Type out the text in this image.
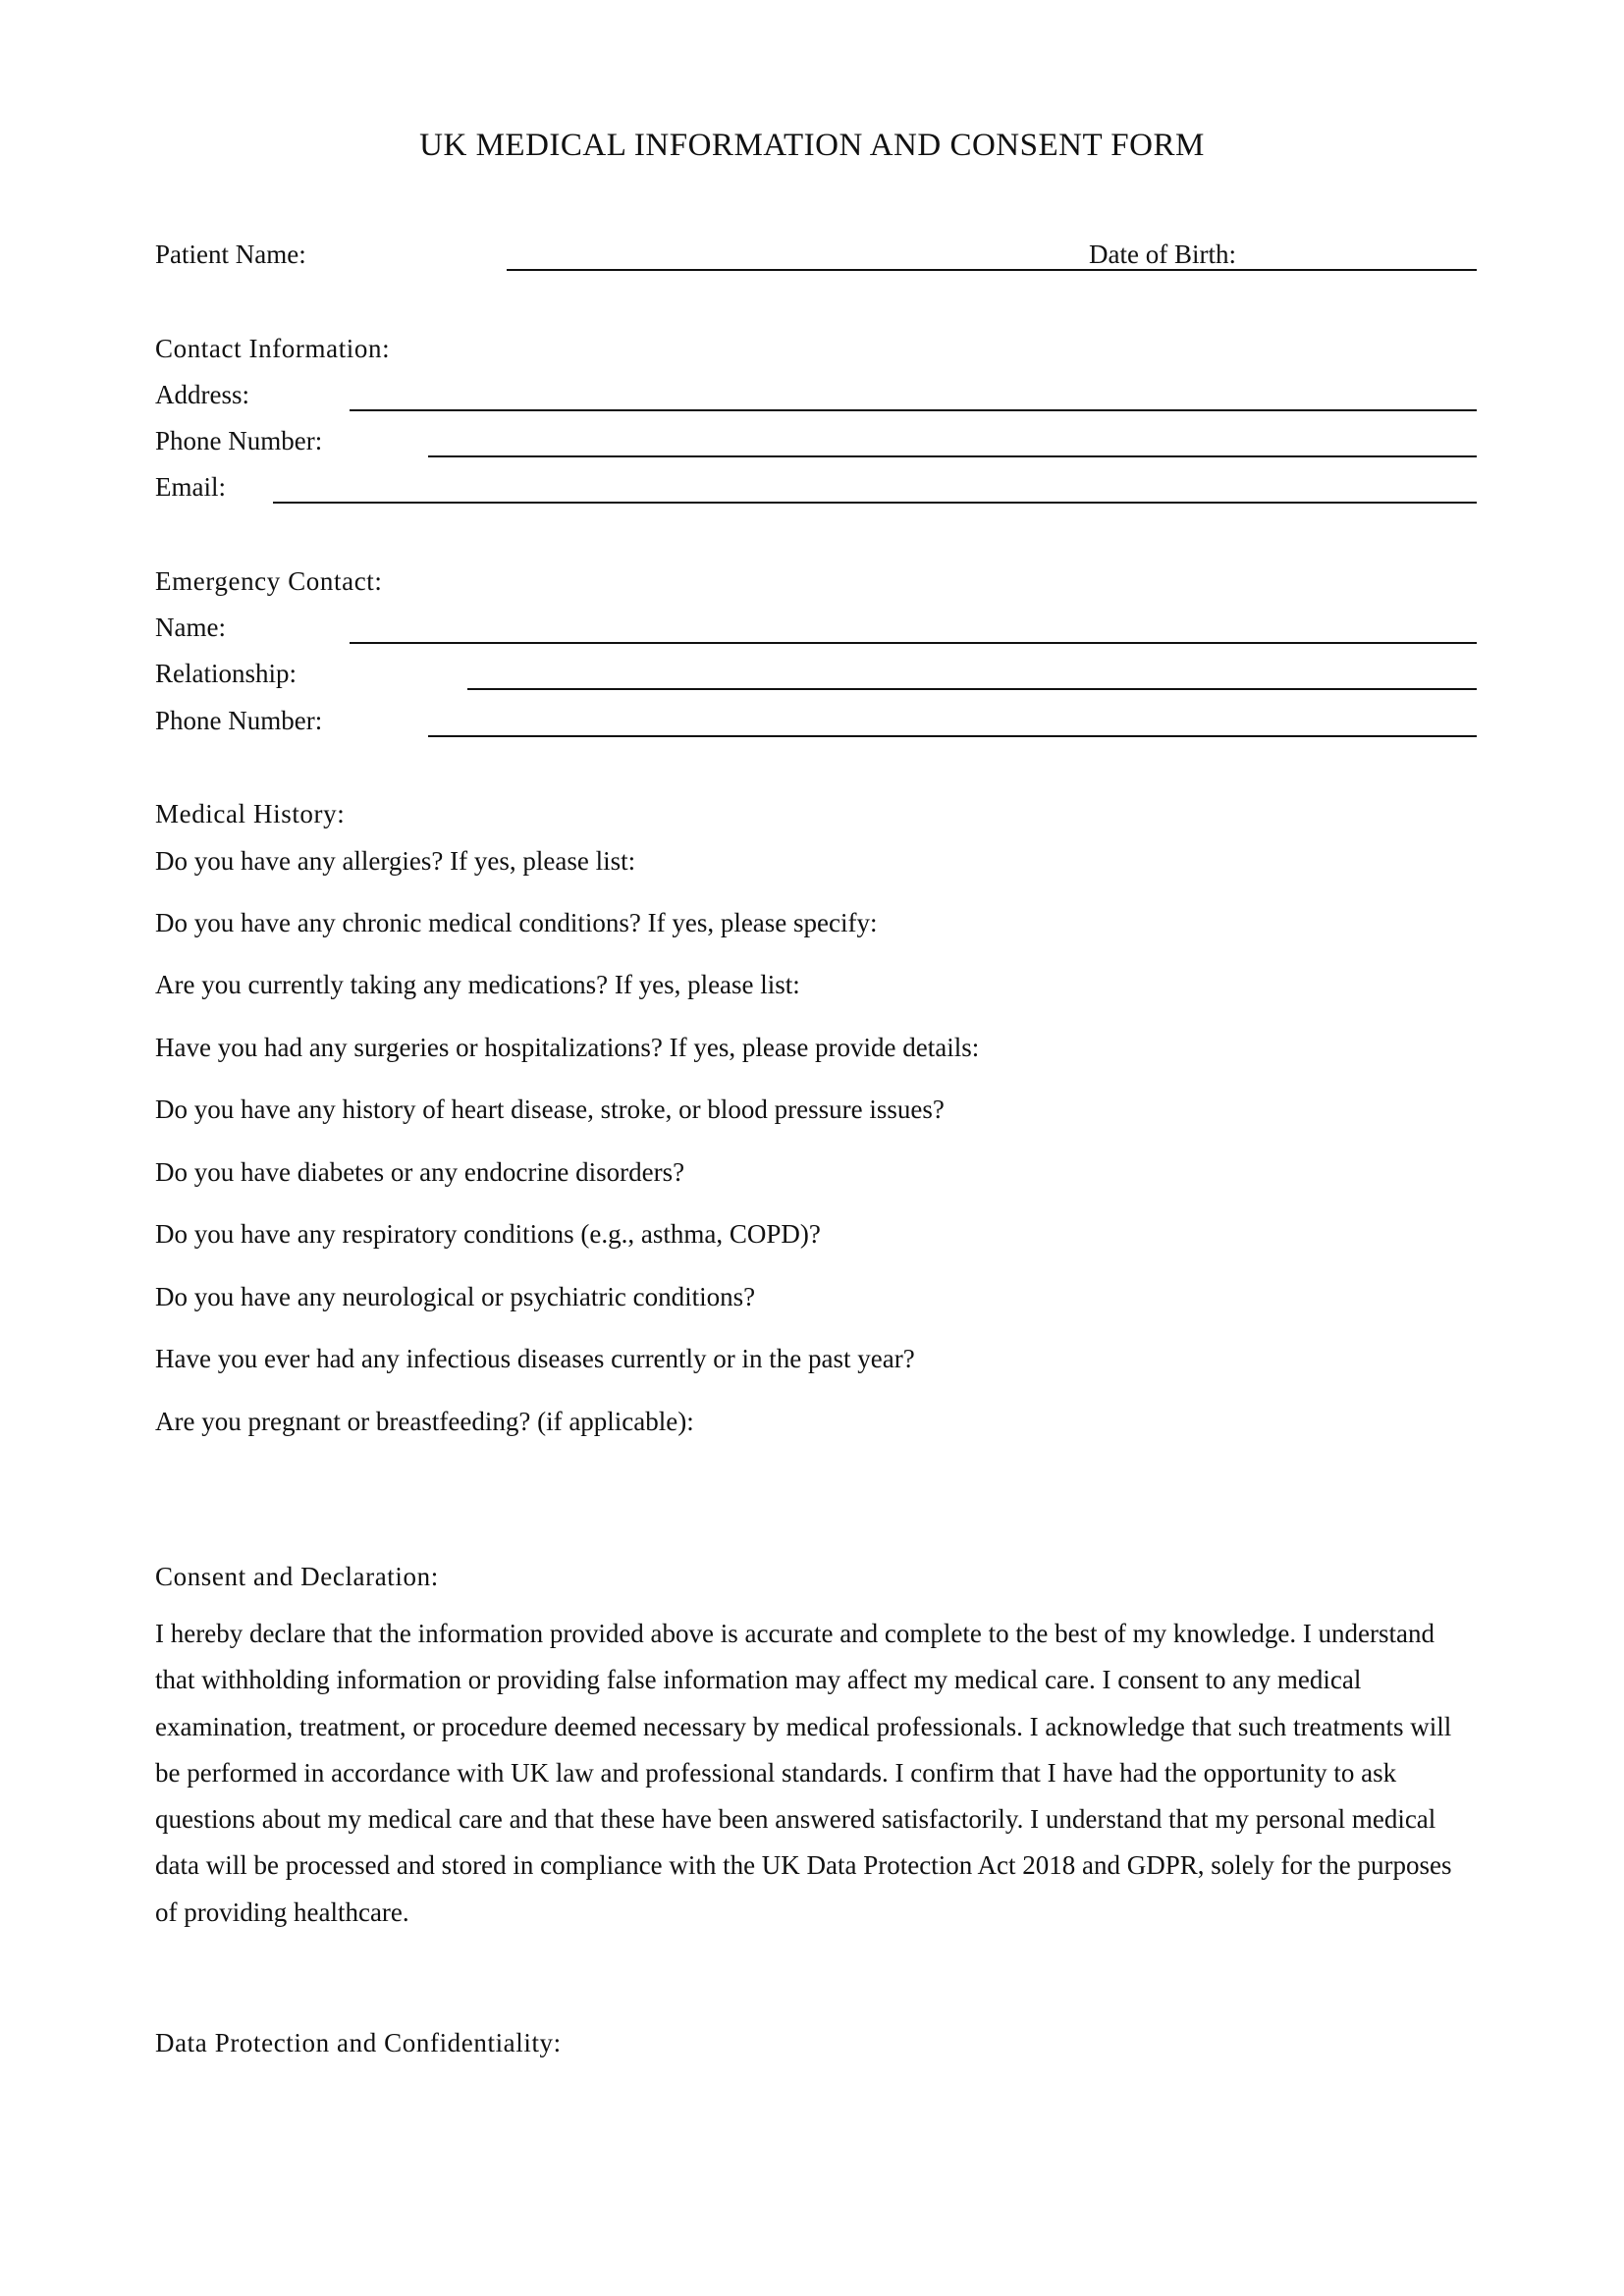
UK MEDICAL INFORMATION AND CONSENT FORM
Patient Name:	Date of Birth:
Contact Information:
Address:
Phone Number:
Email:
Emergency Contact:
Name:
Relationship:
Phone Number:
Medical History:
Do you have any allergies? If yes, please list:
Do you have any chronic medical conditions? If yes, please specify:
Are you currently taking any medications? If yes, please list:
Have you had any surgeries or hospitalizations? If yes, please provide details:
Do you have any history of heart disease, stroke, or blood pressure issues?
Do you have diabetes or any endocrine disorders?
Do you have any respiratory conditions (e.g., asthma, COPD)?
Do you have any neurological or psychiatric conditions?
Have you ever had any infectious diseases currently or in the past year?
Are you pregnant or breastfeeding? (if applicable):
Consent and Declaration:
I hereby declare that the information provided above is accurate and complete to the best of my knowledge. I understand that withholding information or providing false information may affect my medical care. I consent to any medical examination, treatment, or procedure deemed necessary by medical professionals. I acknowledge that such treatments will be performed in accordance with UK law and professional standards. I confirm that I have had the opportunity to ask questions about my medical care and that these have been answered satisfactorily. I understand that my personal medical data will be processed and stored in compliance with the UK Data Protection Act 2018 and GDPR, solely for the purposes of providing healthcare.
Data Protection and Confidentiality:
